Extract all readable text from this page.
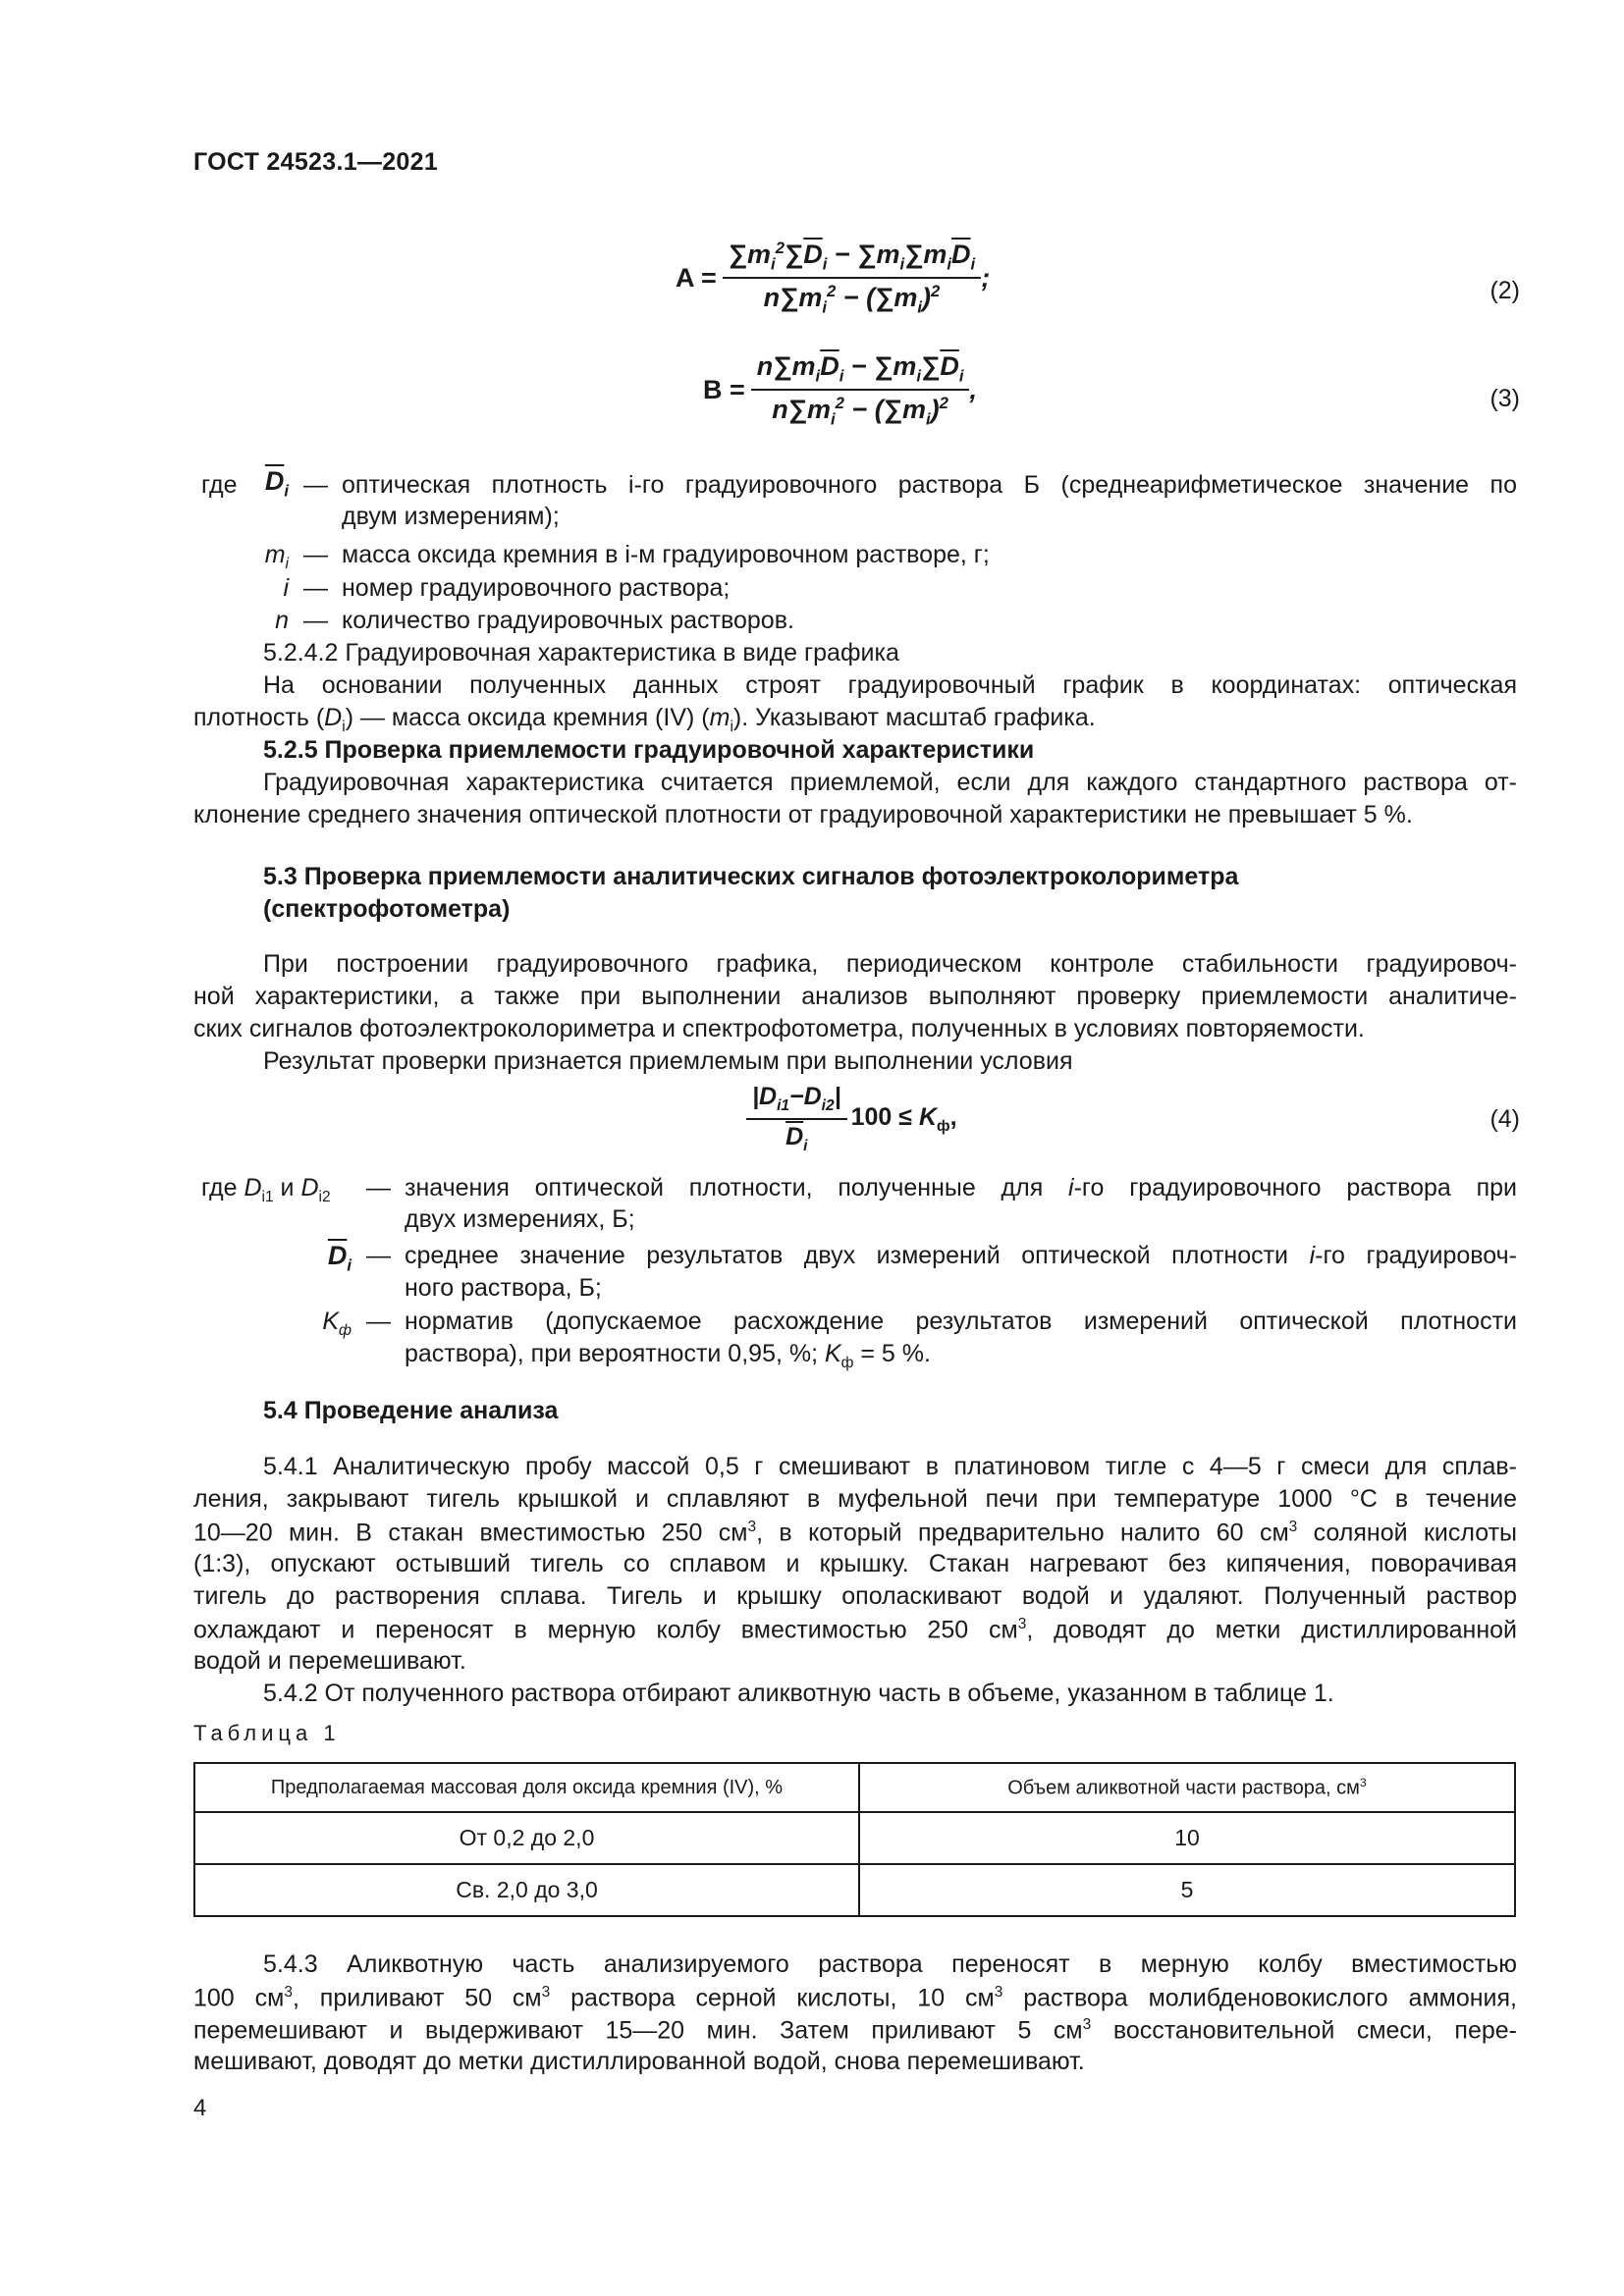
ГОСТ 24523.1—2021
$A = \frac{\sum m_i^2\sum\overline{D}_i - \sum m_i\sum m_i\overline{D}_i}{n\sum m_i^2 - (\sum m_i)^2}$ ;	(2)
$B = \frac{n\sum m_i\overline{D}_i - \sum m_i\sum\overline{D}_i}{n\sum m_i^2 - (\sum m_i)^2}$ ,	(3)
где	$\overline{D}_i$ — оптическая плотность i-го градуировочного раствора Б (среднеарифметическое значение по
двум измерениям);
$m_i$ — масса оксида кремния в i-м градуировочном растворе, г;
i — номер градуировочного раствора;
n — количество градуировочных растворов.
5.2.4.2 Градуировочная характеристика в виде графика
На основании полученных данных строят градуировочный график в координатах: оптическая
плотность $(D_i)$ — масса оксида кремния (IV) $(m_i)$. Указывают масштаб графика.
5.2.5 Проверка приемлемости градуировочной характеристики
Градуировочная характеристика считается приемлемой, если для каждого стандартного раствора от-
клонение среднего значения оптической плотности от градуировочной характеристики не превышает 5 %.
5.3 Проверка приемлемости аналитических сигналов фотоэлектроколориметра
(спектрофотометра)
При построении градуировочного графика, периодическом контроле стабильности градуировоч-
ной характеристики, а также при выполнении анализов выполняют проверку приемлемости аналитиче-
ских сигналов фотоэлектроколориметра и спектрофотометра, полученных в условиях повторяемости.
Результат проверки признается приемлемым при выполнении условия
$\frac{|D_{i1}-D_{i2}|}{\overline{D}_i} 100 \le K_ф$,	(4)
где $D_{i1}$ и $D_{i2}$ — значения оптической плотности, полученные для i-го градуировочного раствора при
двух измерениях, Б;
$\overline{D}_i$ — среднее значение результатов двух измерений оптической плотности i-го градуировоч-
ного раствора, Б;
$K_ф$ — норматив (допускаемое расхождение результатов измерений оптической плотности
раствора), при вероятности 0,95, %; $K_ф = 5$ %.
5.4 Проведение анализа
5.4.1 Аналитическую пробу массой 0,5 г смешивают в платиновом тигле с 4—5 г смеси для сплав-
ления, закрывают тигель крышкой и сплавляют в муфельной печи при температуре 1000 °С в течение
10—20 мин. В стакан вместимостью 250 $см^3$, в который предварительно налито 60 $см^3$ соляной кислоты
(1:3), опускают остывший тигель со сплавом и крышку. Стакан нагревают без кипячения, поворачивая
тигель до растворения сплава. Тигель и крышку ополаскивают водой и удаляют. Полученный раствор
охлаждают и переносят в мерную колбу вместимостью 250 $см^3$, доводят до метки дистиллированной
водой и перемешивают.
5.4.2 От полученного раствора отбирают аликвотную часть в объеме, указанном в таблице 1.
Таблица 1
Предполагаемая массовая доля оксида кремния (IV), %	Объем аликвотной части раствора, $см^3$
От 0,2 до 2,0	10
Св. 2,0 до 3,0	5
5.4.3 Аликвотную часть анализируемого раствора переносят в мерную колбу вместимостью
100 $см^3$, приливают 50 $см^3$ раствора серной кислоты, 10 $см^3$ раствора молибденовокислого аммония,
перемешивают и выдерживают 15—20 мин. Затем приливают 5 $см^3$ восстановительной смеси, пере-
мешивают, доводят до метки дистиллированной водой, снова перемешивают.
4
